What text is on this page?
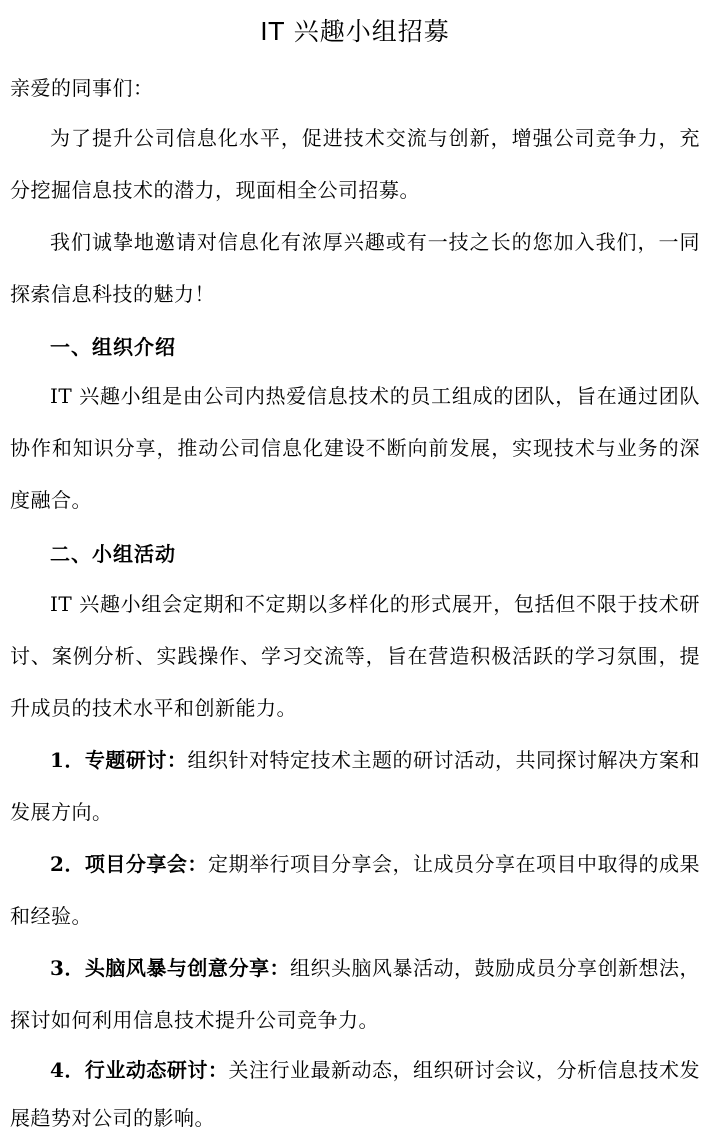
IT 兴趣小组招募

亲爱的同事们：

为了提升公司信息化水平，促进技术交流与创新，增强公司竞争力，充分挖掘信息技术的潜力，现面相全公司招募。

我们诚挚地邀请对信息化有浓厚兴趣或有一技之长的您加入我们，一同探索信息科技的魅力！

一、组织介绍

IT 兴趣小组是由公司内热爱信息技术的员工组成的团队，旨在通过团队协作和知识分享，推动公司信息化建设不断向前发展，实现技术与业务的深度融合。

二、小组活动

IT 兴趣小组会定期和不定期以多样化的形式展开，包括但不限于技术研讨、案例分析、实践操作、学习交流等，旨在营造积极活跃的学习氛围，提升成员的技术水平和创新能力。

1．专题研讨：组织针对特定技术主题的研讨活动，共同探讨解决方案和发展方向。

2．项目分享会：定期举行项目分享会，让成员分享在项目中取得的成果和经验。

3．头脑风暴与创意分享：组织头脑风暴活动，鼓励成员分享创新想法，探讨如何利用信息技术提升公司竞争力。

4．行业动态研讨：关注行业最新动态，组织研讨会议，分析信息技术发展趋势对公司的影响。
